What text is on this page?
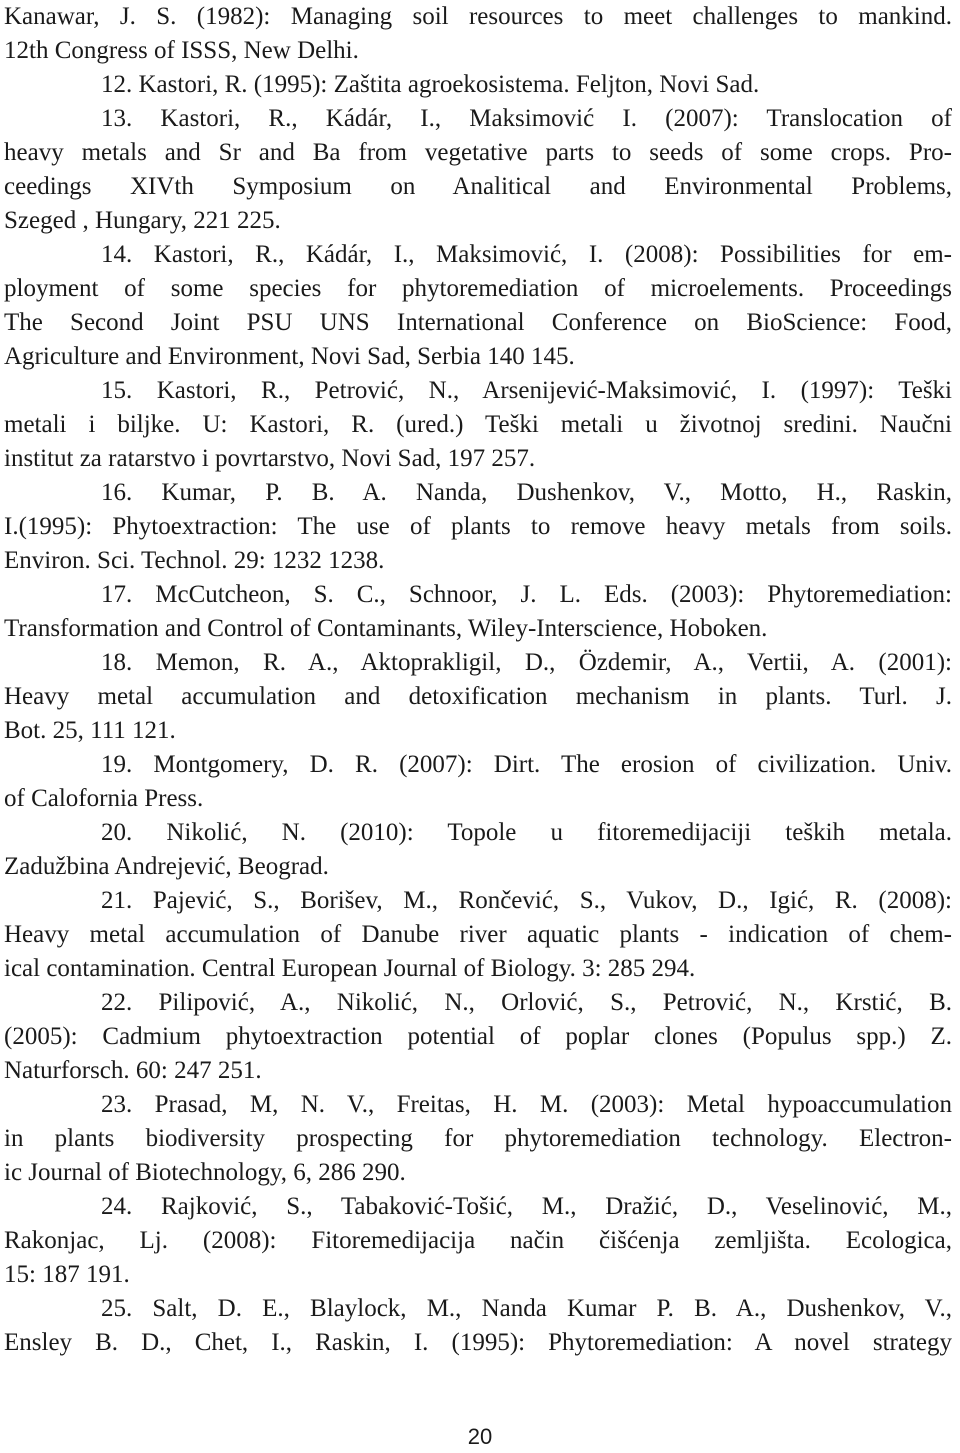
Kanawar, J. S. (1982): Managing soil resources to meet challenges to mankind.
12th Congress of ISSS, New Delhi.
12. Kastori, R. (1995): Zaštita agroekosistema. Feljton, Novi Sad.
13. Kastori, R., Kádár, I., Maksimović I. (2007): Translocation of
heavy metals and Sr and Ba from vegetative parts to seeds of some crops. Pro-
ceedings XIVth Symposium on Analitical and Environmental Problems,
Szeged , Hungary, 221 225.
14. Kastori, R., Kádár, I., Maksimović, I. (2008): Possibilities for em-
ployment of some species for phytoremediation of microelements. Proceedings
The Second Joint PSU UNS International Conference on BioScience: Food,
Agriculture and Environment, Novi Sad, Serbia 140 145.
15. Kastori, R., Petrović, N., Arsenijević-Maksimović, I. (1997): Teški
metali i biljke. U: Kastori, R. (ured.) Teški metali u životnoj sredini. Naučni
institut za ratarstvo i povrtarstvo, Novi Sad, 197 257.
16. Kumar, P. B. A. Nanda, Dushenkov, V., Motto, H., Raskin,
I.(1995): Phytoextraction: The use of plants to remove heavy metals from soils.
Environ. Sci. Technol. 29: 1232 1238.
17. McCutcheon, S. C., Schnoor, J. L. Eds. (2003): Phytoremediation:
Transformation and Control of Contaminants, Wiley-Interscience, Hoboken.
18. Memon, R. A., Aktoprakligil, D., Özdemir, A., Vertii, A. (2001):
Heavy metal accumulation and detoxification mechanism in plants. Turl. J.
Bot. 25, 111 121.
19. Montgomery, D. R. (2007): Dirt. The erosion of civilization. Univ.
of Calofornia Press.
20. Nikolić, N. (2010): Topole u fitoremedijaciji teških metala.
Zadužbina Andrejević, Beograd.
21. Pajević, S., Borišev, M., Rončević, S., Vukov, D., Igić, R. (2008):
Heavy metal accumulation of Danube river aquatic plants - indication of chem-
ical contamination. Central European Journal of Biology. 3: 285 294.
22. Pilipović, A., Nikolić, N., Orlović, S., Petrović, N., Krstić, B.
(2005): Cadmium phytoextraction potential of poplar clones (Populus spp.) Z.
Naturforsch. 60: 247 251.
23. Prasad, M, N. V., Freitas, H. M. (2003): Metal hypoaccumulation
in plants biodiversity prospecting for phytoremediation technology. Electron-
ic Journal of Biotechnology, 6, 286 290.
24. Rajković, S., Tabaković-Tošić, M., Dražić, D., Veselinović, M.,
Rakonjac, Lj. (2008): Fitoremedijacija način čišćenja zemljišta. Ecologica,
15: 187 191.
25. Salt, D. E., Blaylock, M., Nanda Kumar P. B. A., Dushenkov, V.,
Ensley B. D., Chet, I., Raskin, I. (1995): Phytoremediation: A novel strategy
20
